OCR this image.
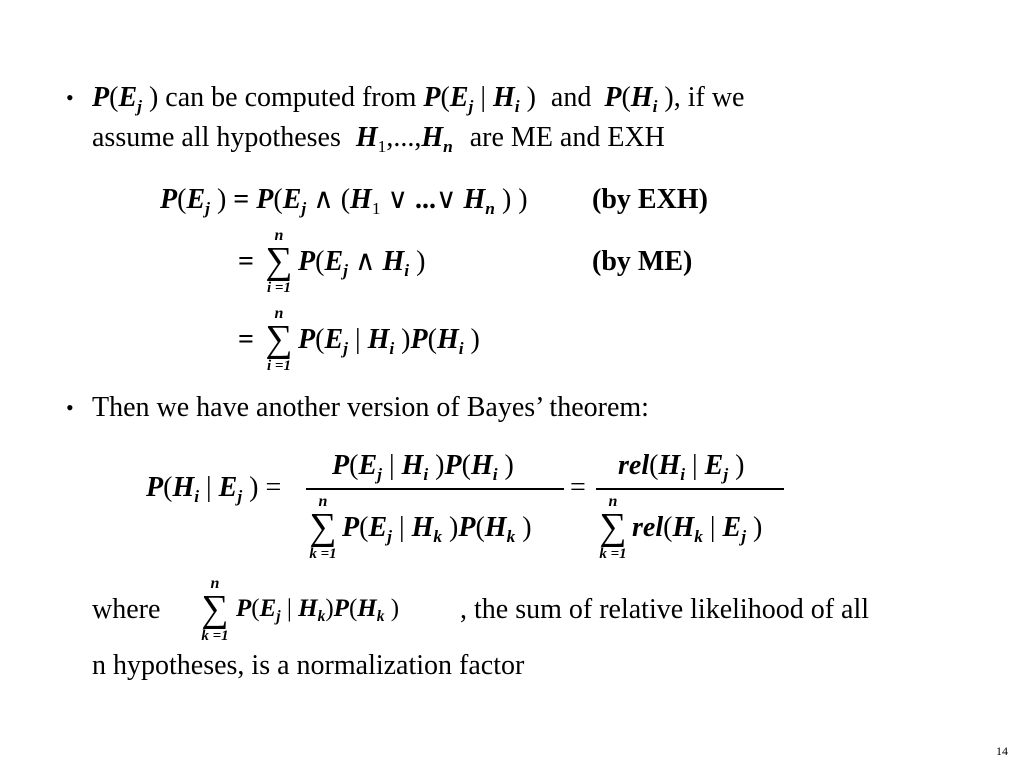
• $P(E_j$ ) can be computed from $P(E_j$ | $H_i$ ) and $P(H_i$ ), if we
assume all hypotheses $H_1,...,H_n$ are ME and EXH
$P(E_j$ ) = $P(E_j$ ∧ ($H_1$ ∨ ...∨ $H_n$ ) ) (by EXH)
=
n
∑
i =1
$P(E_j$ ∧ $H_i$ )	(by ME)
=
n
∑
i =1
$P(E_j$ | $H_i$ )$P(H_i$ )
• Then we have another version of Bayes’ theorem:
$P(H_i$ | $E_j$ ) =
$P(E_j$ | $H_i$ )$P(H_i$ )
n
∑
k =1
$P(E_j$ | $H_k$ )$P(H_k$ )
=
$rel(H_i$ | $E_j$ )
n
∑
k =1
$rel(H_k$ | $E_j$ )
where
n
∑
k =1
$P(E_j$ | $H_k)P(H_k$ ) , the sum of relative likelihood of all
n hypotheses, is a normalization factor
14
